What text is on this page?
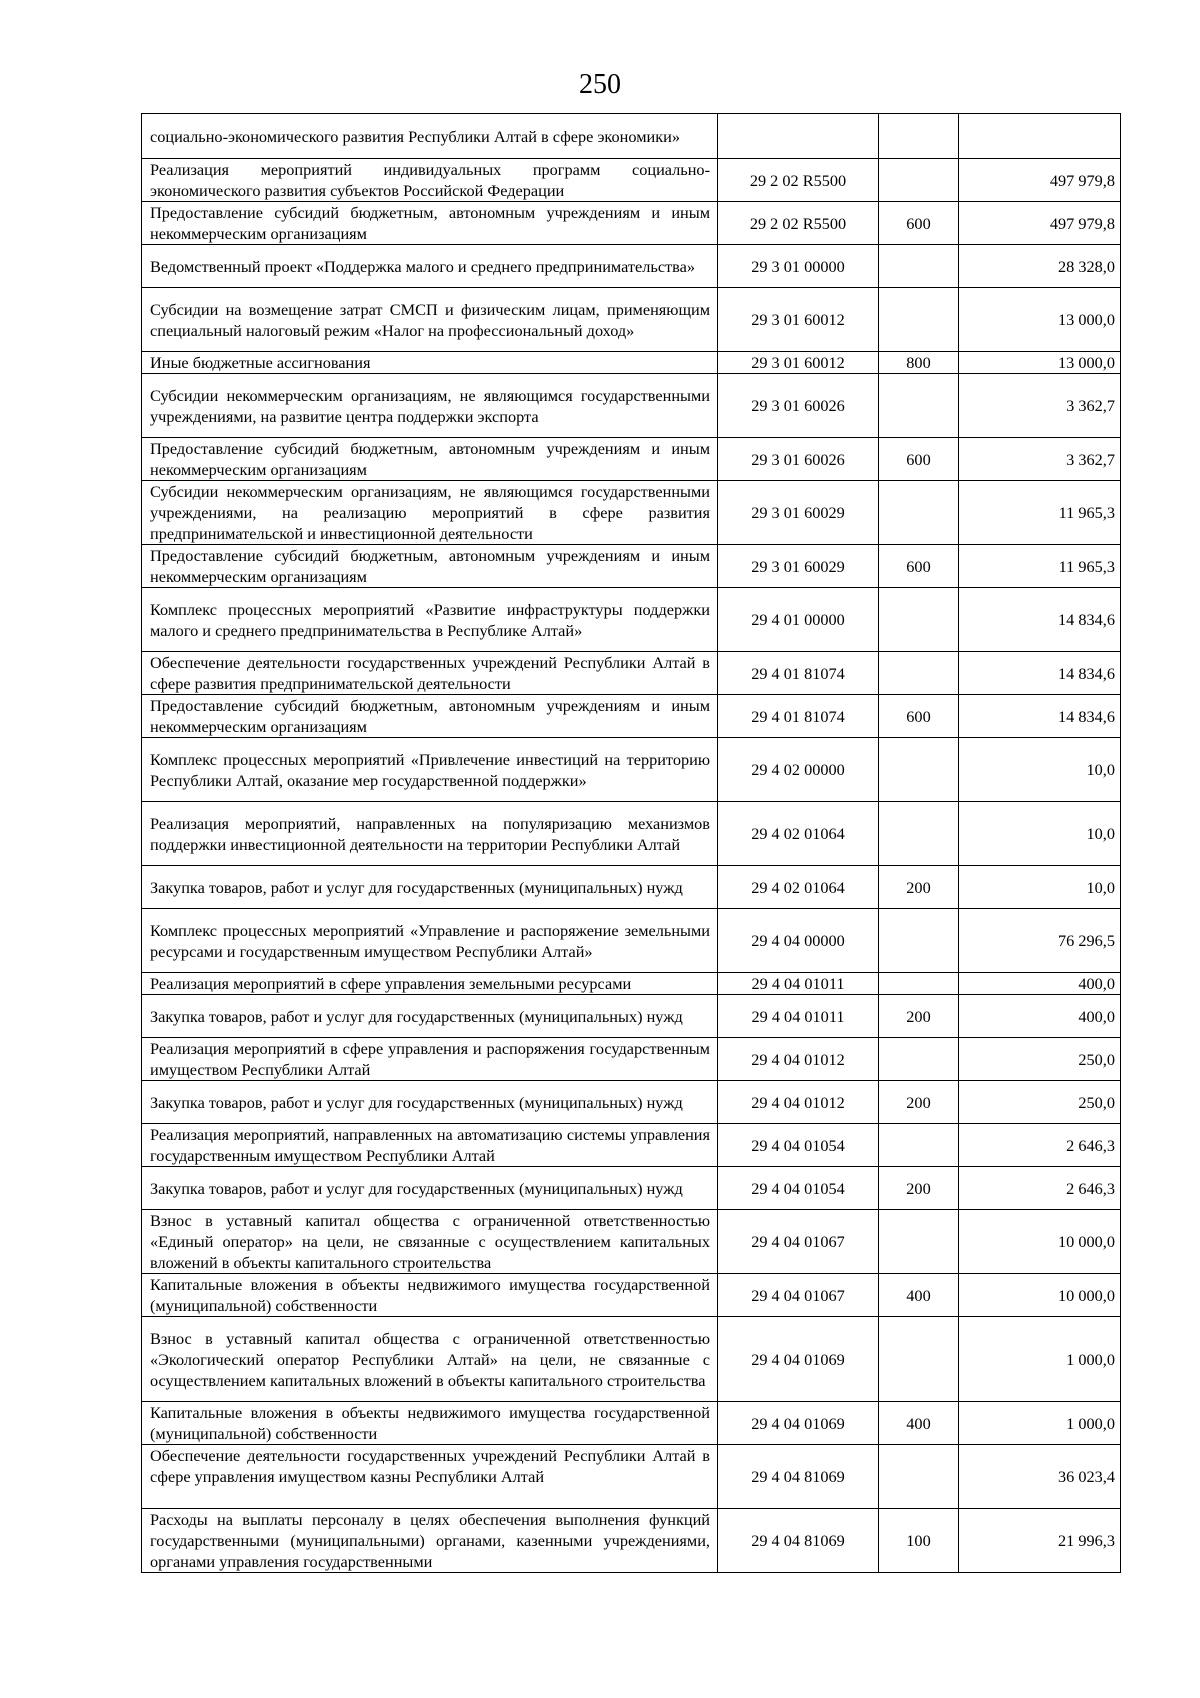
250
социально-экономического развития Республики Алтай в сфере экономики»			
Реализация мероприятий индивидуальных программ социально-экономического развития субъектов Российской Федерации	29 2 02 R5500		497 979,8
Предоставление субсидий бюджетным, автономным учреждениям и иным некоммерческим организациям	29 2 02 R5500	600	497 979,8
Ведомственный проект «Поддержка малого и среднего предпринимательства»	29 3 01 00000		28 328,0
Субсидии на возмещение затрат СМСП и физическим лицам, применяющим специальный налоговый режим «Налог на профессиональный доход»	29 3 01 60012		13 000,0
Иные бюджетные ассигнования	29 3 01 60012	800	13 000,0
Субсидии некоммерческим организациям, не являющимся государственными учреждениями, на развитие центра поддержки экспорта	29 3 01 60026		3 362,7
Предоставление субсидий бюджетным, автономным учреждениям и иным некоммерческим организациям	29 3 01 60026	600	3 362,7
Субсидии некоммерческим организациям, не являющимся государственными учреждениями, на реализацию мероприятий в сфере развития предпринимательской и инвестиционной деятельности	29 3 01 60029		11 965,3
Предоставление субсидий бюджетным, автономным учреждениям и иным некоммерческим организациям	29 3 01 60029	600	11 965,3
Комплекс процессных мероприятий «Развитие инфраструктуры поддержки малого и среднего предпринимательства в Республике Алтай»	29 4 01 00000		14 834,6
Обеспечение деятельности государственных учреждений Республики Алтай в сфере развития предпринимательской деятельности	29 4 01 81074		14 834,6
Предоставление субсидий бюджетным, автономным учреждениям и иным некоммерческим организациям	29 4 01 81074	600	14 834,6
Комплекс процессных мероприятий «Привлечение инвестиций на территорию Республики Алтай, оказание мер государственной поддержки»	29 4 02 00000		10,0
Реализация мероприятий, направленных на популяризацию механизмов поддержки инвестиционной деятельности на территории Республики Алтай	29 4 02 01064		10,0
Закупка товаров, работ и услуг для государственных (муниципальных) нужд	29 4 02 01064	200	10,0
Комплекс процессных мероприятий «Управление и распоряжение земельными ресурсами и государственным имуществом Республики Алтай»	29 4 04 00000		76 296,5
Реализация мероприятий в сфере управления земельными ресурсами	29 4 04 01011		400,0
Закупка товаров, работ и услуг для государственных (муниципальных) нужд	29 4 04 01011	200	400,0
Реализация мероприятий в сфере управления и распоряжения государственным имуществом Республики Алтай	29 4 04 01012		250,0
Закупка товаров, работ и услуг для государственных (муниципальных) нужд	29 4 04 01012	200	250,0
Реализация мероприятий, направленных на автоматизацию системы управления государственным имуществом Республики Алтай	29 4 04 01054		2 646,3
Закупка товаров, работ и услуг для государственных (муниципальных) нужд	29 4 04 01054	200	2 646,3
Взнос в уставный капитал общества с ограниченной ответственностью «Единый оператор» на цели, не связанные с осуществлением капитальных вложений в объекты капитального строительства	29 4 04 01067		10 000,0
Капитальные вложения в объекты недвижимого имущества государственной (муниципальной) собственности	29 4 04 01067	400	10 000,0
Взнос в уставный капитал общества с ограниченной ответственностью «Экологический оператор Республики Алтай» на цели, не связанные с осуществлением капитальных вложений в объекты капитального строительства	29 4 04 01069		1 000,0
Капитальные вложения в объекты недвижимого имущества государственной (муниципальной) собственности	29 4 04 01069	400	1 000,0
Обеспечение деятельности государственных учреждений Республики Алтай в сфере управления имуществом казны Республики Алтай	29 4 04 81069		36 023,4
Расходы на выплаты персоналу в целях обеспечения выполнения функций государственными (муниципальными) органами, казенными учреждениями, органами управления государственными	29 4 04 81069	100	21 996,3
